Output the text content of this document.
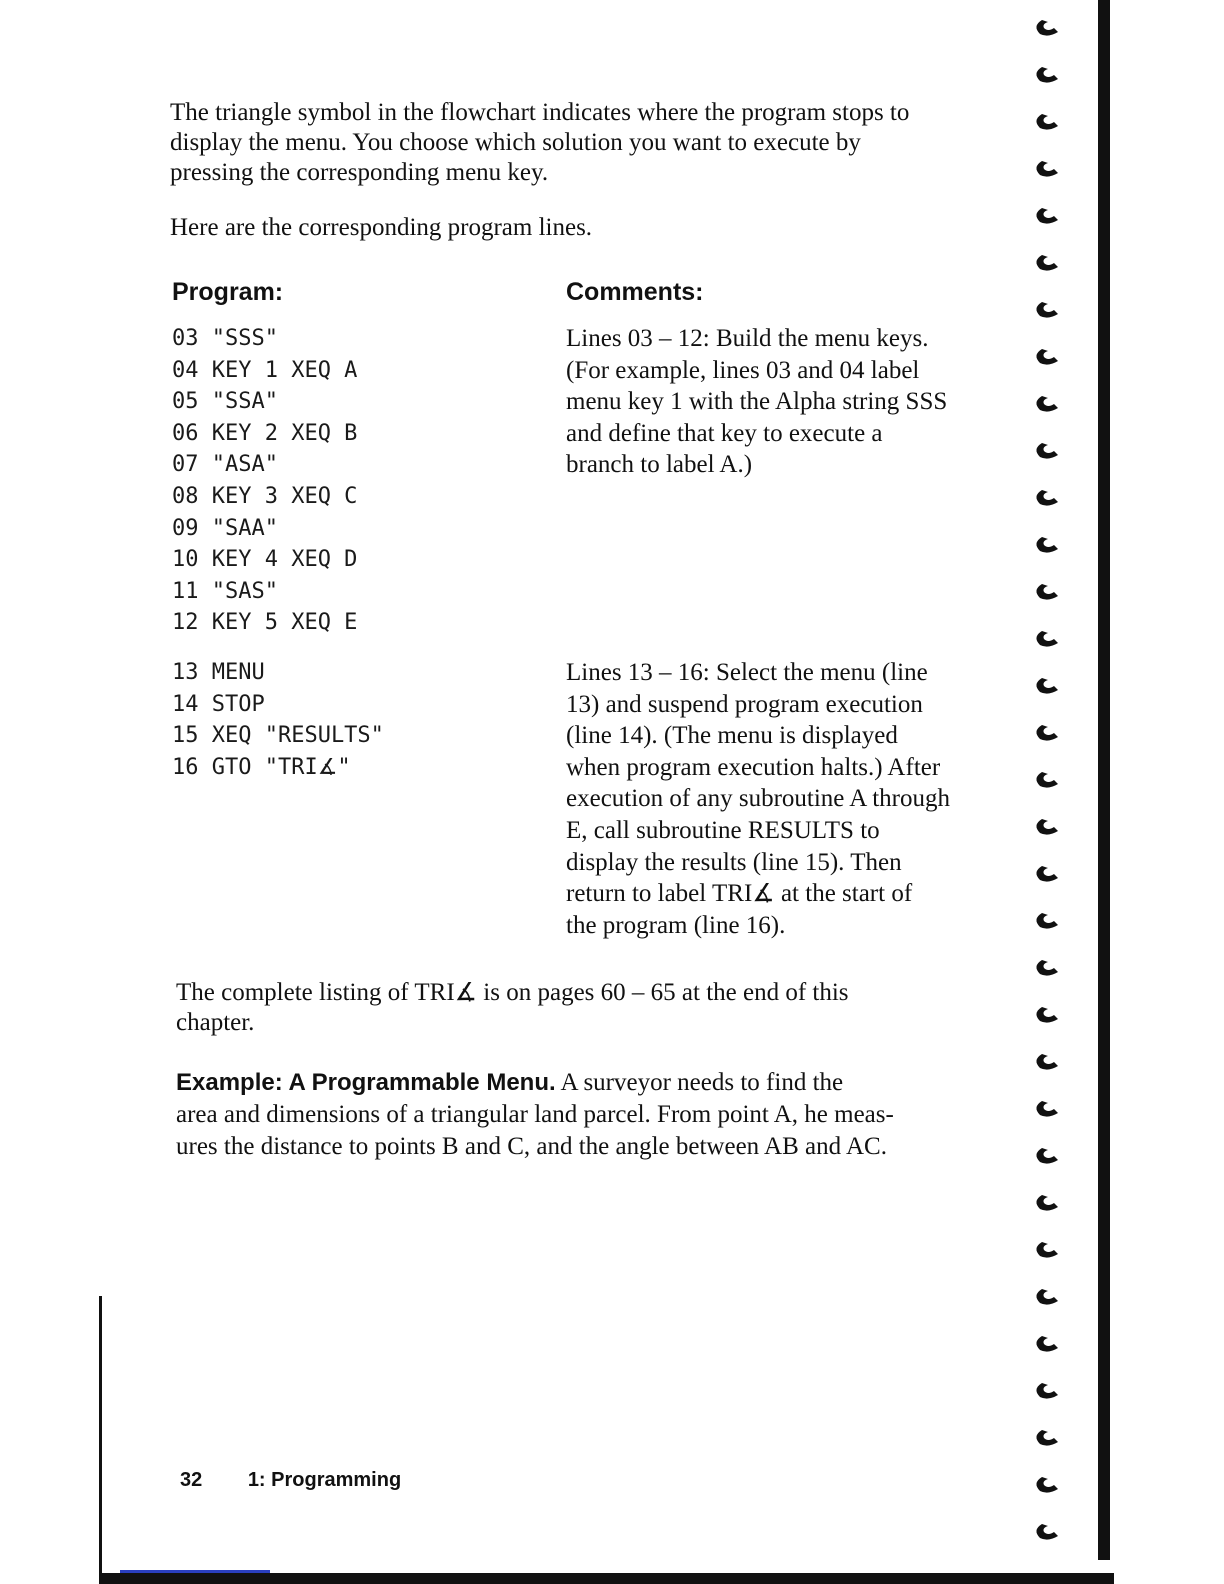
The triangle symbol in the flowchart indicates where the program stops to
display the menu. You choose which solution you want to execute by
pressing the corresponding menu key.
Here are the corresponding program lines.
Program:	Comments:
03 "SSS"
04 KEY 1 XEQ A
05 "SSA"
06 KEY 2 XEQ B
07 "ASA"
08 KEY 3 XEQ C
09 "SAA"
10 KEY 4 XEQ D
11 "SAS"
12 KEY 5 XEQ E
Lines 03 – 12: Build the menu keys.
(For example, lines 03 and 04 label
menu key 1 with the Alpha string SSS
and define that key to execute a
branch to label A.)
13 MENU
14 STOP
15 XEQ "RESULTS"
16 GTO "TRI∡"
Lines 13 – 16: Select the menu (line
13) and suspend program execution
(line 14). (The menu is displayed
when program execution halts.) After
execution of any subroutine A through
E, call subroutine RESULTS to
display the results (line 15). Then
return to label TRI∡ at the start of
the program (line 16).
The complete listing of TRI∡ is on pages 60 – 65 at the end of this
chapter.
Example: A Programmable Menu. A surveyor needs to find the
area and dimensions of a triangular land parcel. From point A, he meas-
ures the distance to points B and C, and the angle between AB and AC.
32 1: Programming
